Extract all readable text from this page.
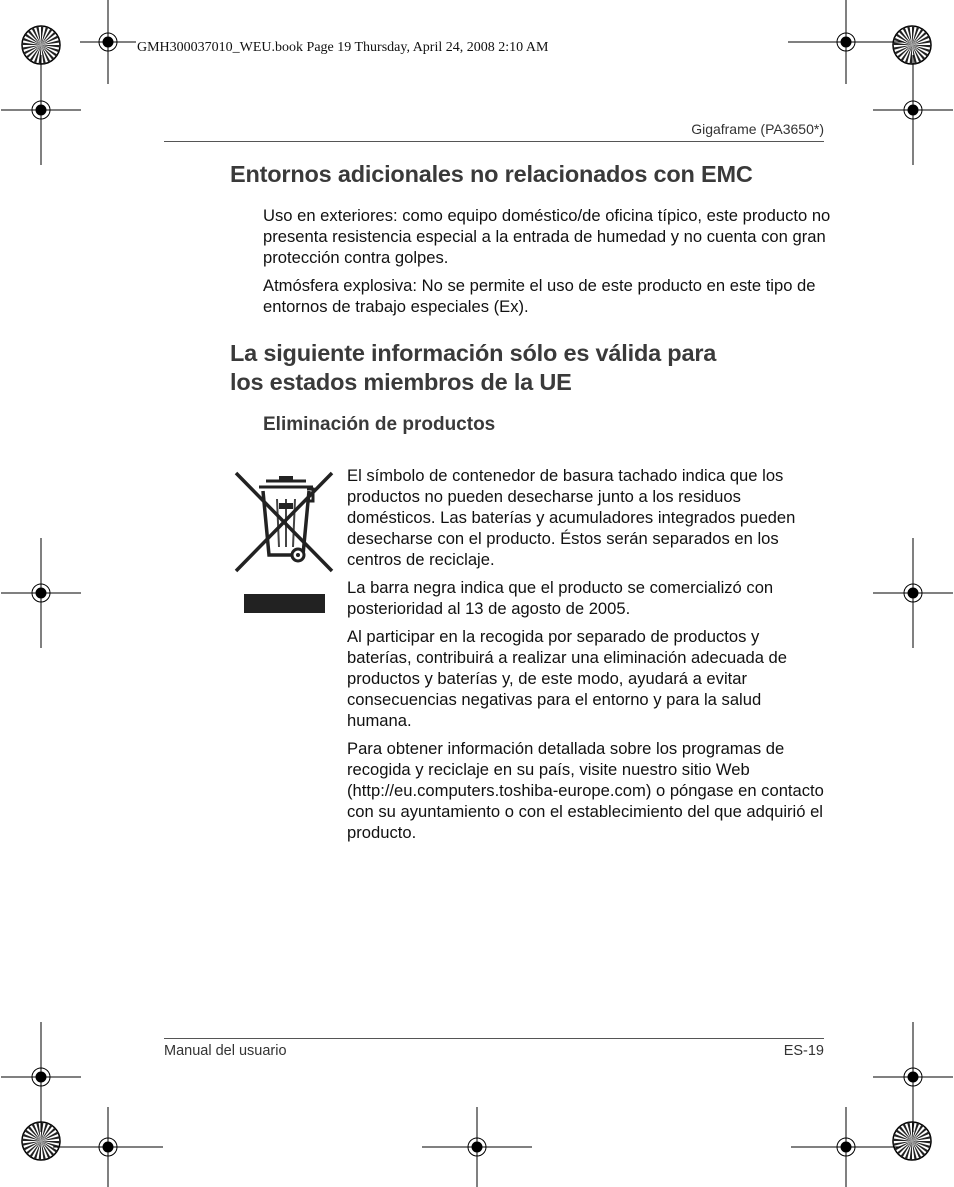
GMH300037010_WEU.book Page 19 Thursday, April 24, 2008 2:10 AM
Gigaframe (PA3650*)
Entornos adicionales no relacionados con EMC

Uso en exteriores: como equipo doméstico/de oficina típico, este producto no presenta resistencia especial a la entrada de humedad y no cuenta con gran protección contra golpes.

Atmósfera explosiva: No se permite el uso de este producto en este tipo de entornos de trabajo especiales (Ex).

La siguiente información sólo es válida para
los estados miembros de la UE
Eliminación de productos

El símbolo de contenedor de basura tachado indica que los productos no pueden desecharse junto a los residuos domésticos. Las baterías y acumuladores integrados pueden desecharse con el producto. Éstos serán separados en los centros de reciclaje.

La barra negra indica que el producto se comercializó con posterioridad al 13 de agosto de 2005.

Al participar en la recogida por separado de productos y baterías, contribuirá a realizar una eliminación adecuada de productos y baterías y, de este modo, ayudará a evitar consecuencias negativas para el entorno y para la salud humana.

Para obtener información detallada sobre los programas de recogida y reciclaje en su país, visite nuestro sitio Web (http://eu.computers.toshiba-europe.com) o póngase en contacto con su ayuntamiento o con el establecimiento del que adquirió el producto.

Manual del usuario	ES-19
